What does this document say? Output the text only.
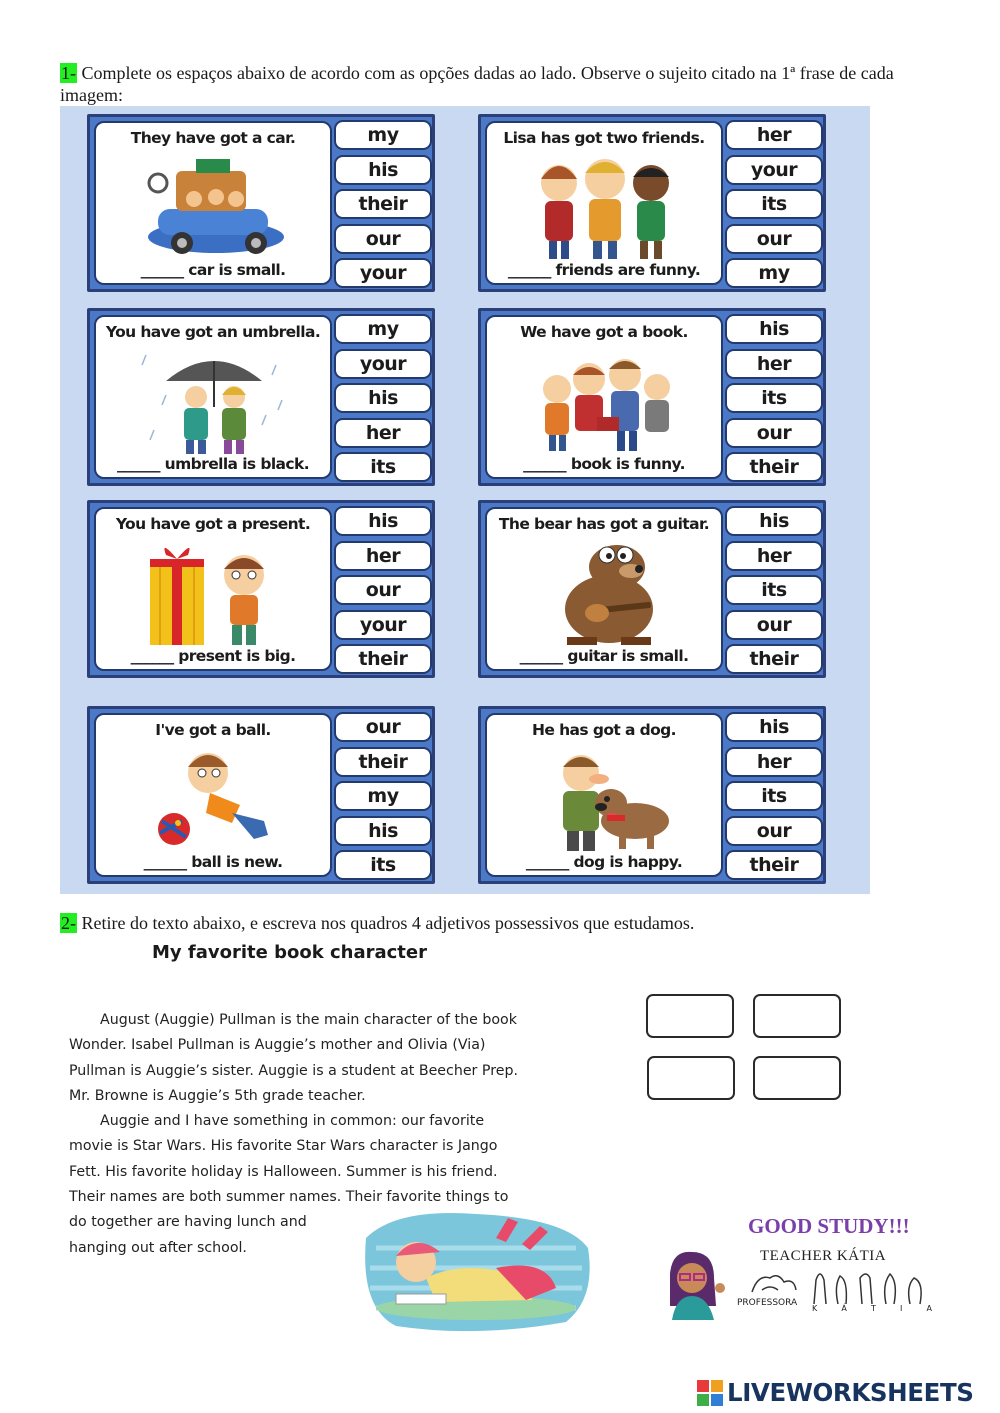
1- Complete os espaços abaixo de acordo com as opções dadas ao lado. Observe o sujeito citado na 1ª frase de cada imagem:
They have got a car.
______ car is small.
my
his
their
our
your
Lisa has got two friends.
______ friends are funny.
her
your
its
our
my
You have got an umbrella.
______ umbrella is black.
my
your
his
her
its
We have got a book.
______ book is funny.
his
her
its
our
their
You have got a present.
______ present is big.
his
her
our
your
their
The bear has got a guitar.
______ guitar is small.
his
her
its
our
their
I've got a ball.
______ ball is new.
our
their
my
his
its
He has got a dog.
______ dog is happy.
his
her
its
our
their
2- Retire do texto abaixo, e escreva nos quadros 4 adjetivos possessivos que estudamos.
My favorite book character

August (Auggie) Pullman is the main character of the book Wonder. Isabel Pullman is Auggie’s mother and Olivia (Via) Pullman is Auggie’s sister. Auggie is a student at Beecher Prep. Mr. Browne is Auggie’s 5th grade teacher.

Auggie and I have something in common: our favorite movie is Star Wars. His favorite Star Wars character is Jango Fett. His favorite holiday is Halloween. Summer is his friend. Their names are both summer names. Their favorite things to

do together are having lunch and hanging out after school.
GOOD STUDY!!!
TEACHER KÁTIA
PROFESSORA
K	Á	T	I	A
LIVEWORKSHEETS
